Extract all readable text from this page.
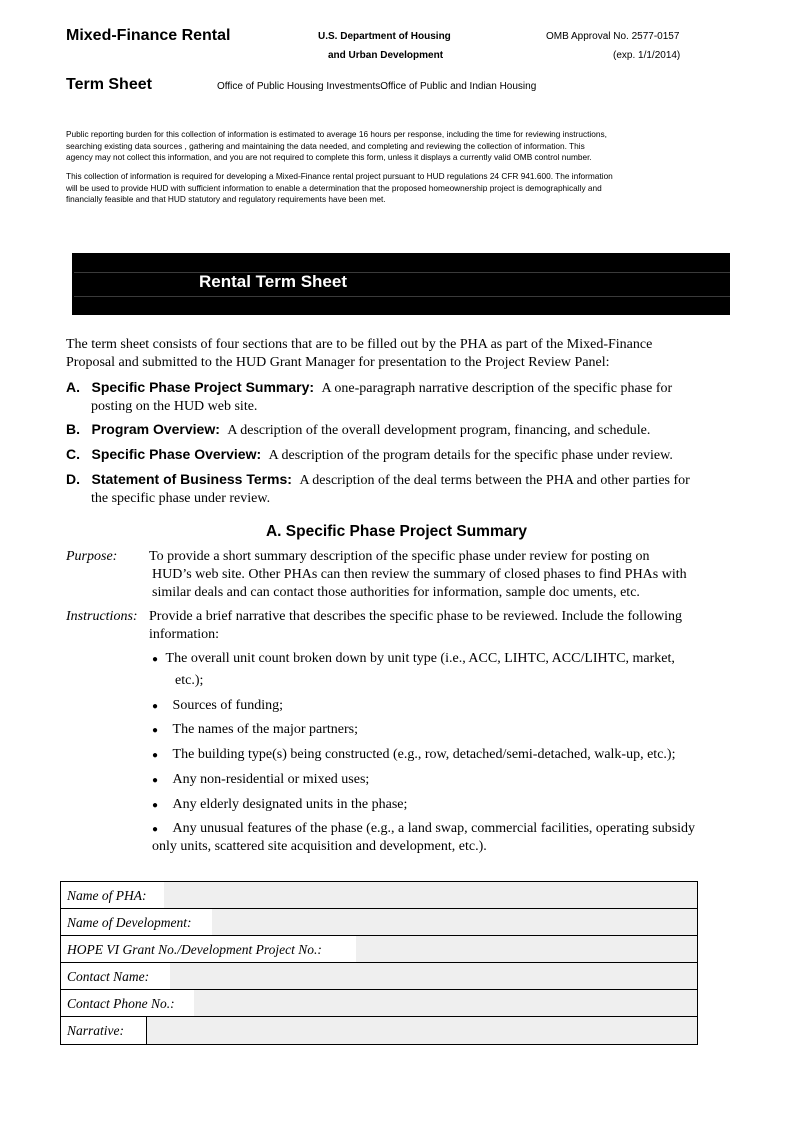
Mixed-Finance Rental
Term Sheet
U.S. Department of Housing
and Urban Development
Office of Public Housing InvestmentsOffice of Public and Indian Housing
OMB Approval No. 2577-0157
(exp. 1/1/2014)
Public reporting burden for this collection of information is estimated to average 16 hours per response, including the time for reviewing instructions,
searching existing data sources , gathering and maintaining the data needed, and completing and reviewing the collection of information. This
agency may not collect this information, and you are not required to complete this form, unless it displays a currently valid OMB control number.
This collection of information is required for developing a Mixed-Finance rental project pursuant to HUD regulations 24 CFR 941.600. The information
will be used to provide HUD with sufficient information to enable a determination that the proposed homeownership project is demographically and
financially feasible and that HUD statutory and regulatory requirements have been met.
Rental Term Sheet
The term sheet consists of four sections that are to be filled out by the PHA as part of the Mixed-Finance
Proposal and submitted to the HUD Grant Manager for presentation to the Project Review Panel:
A. Specific Phase Project Summary: A one-paragraph narrative description of the specific phase for
posting on the HUD web site.
B. Program Overview: A description of the overall development program, financing, and schedule.
C. Specific Phase Overview: A description of the program details for the specific phase under review.
D. Statement of Business Terms: A description of the deal terms between the PHA and other parties for
the specific phase under review.
A. Specific Phase Project Summary
Purpose: To provide a short summary description of the specific phase under review for posting on
HUD’s web site. Other PHAs can then review the summary of closed phases to find PHAs with
similar deals and can contact those authorities for information, sample doc uments, etc.
Instructions: Provide a brief narrative that describes the specific phase to be reviewed. Include the following
information:
● The overall unit count broken down by unit type (i.e., ACC, LIHTC, ACC/LIHTC, market,
etc.);
● Sources of funding;
● The names of the major partners;
● The building type(s) being constructed (e.g., row, detached/semi-detached, walk-up, etc.);
● Any non-residential or mixed uses;
● Any elderly designated units in the phase;
● Any unusual features of the phase (e.g., a land swap, commercial facilities, operating subsidy
only units, scattered site acquisition and development, etc.).
Name of PHA:
Name of Development:
HOPE VI Grant No./Development Project No.:
Contact Name:
Contact Phone No.:
Narrative:
